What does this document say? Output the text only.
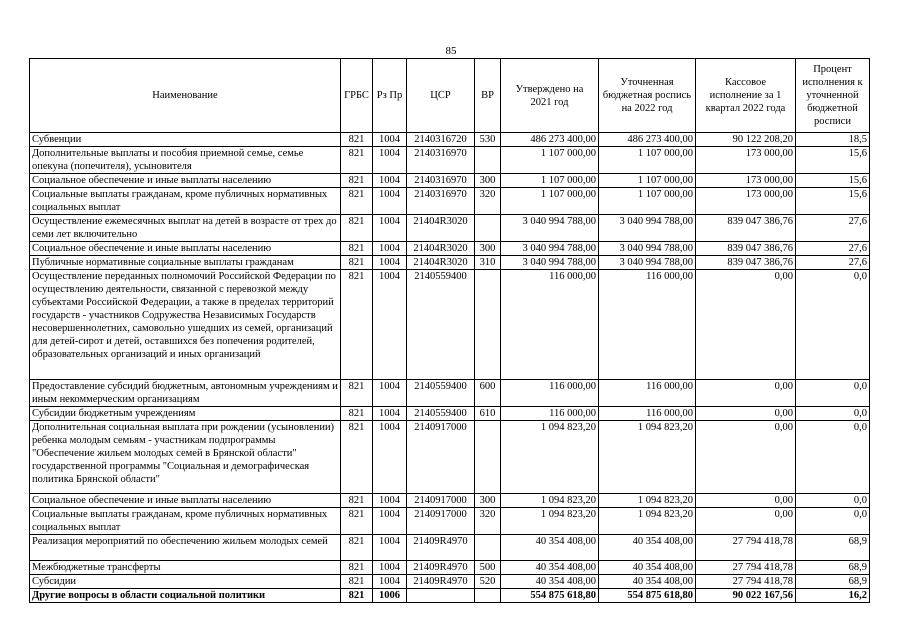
85
Наименование	ГРБС	Рз Пр	ЦСР	ВР	Утверждено на 2021 год	Уточненная бюджетная роспись на 2022 год	Кассовое исполнение за 1 квартал 2022 года	Процент исполнения к уточненной бюджетной росписи
Субвенции	821	1004	2140316720	530	486 273 400,00	486 273 400,00	90 122 208,20	18,5
Дополнительные выплаты и пособия приемной семье, семье опекуна (попечителя), усыновителя	821	1004	2140316970		1 107 000,00	1 107 000,00	173 000,00	15,6
Социальное обеспечение и иные выплаты населению	821	1004	2140316970	300	1 107 000,00	1 107 000,00	173 000,00	15,6
Социальные выплаты гражданам, кроме публичных нормативных социальных выплат	821	1004	2140316970	320	1 107 000,00	1 107 000,00	173 000,00	15,6
Осуществление ежемесячных выплат на детей в возрасте от трех до семи лет включительно	821	1004	21404R3020		3 040 994 788,00	3 040 994 788,00	839 047 386,76	27,6
Социальное обеспечение и иные выплаты населению	821	1004	21404R3020	300	3 040 994 788,00	3 040 994 788,00	839 047 386,76	27,6
Публичные нормативные социальные выплаты гражданам	821	1004	21404R3020	310	3 040 994 788,00	3 040 994 788,00	839 047 386,76	27,6
Осуществление переданных полномочий Российской Федерации по осуществлению деятельности, связанной с перевозкой между субъектами Российской Федерации, а также в пределах территорий государств - участников Содружества Независимых Государств несовершеннолетних, самовольно ушедших из семей, организаций для детей-сирот и детей, оставшихся без попечения родителей, образовательных организаций и иных организаций	821	1004	2140559400		116 000,00	116 000,00	0,00	0,0
Предоставление субсидий бюджетным, автономным учреждениям и иным некоммерческим организациям	821	1004	2140559400	600	116 000,00	116 000,00	0,00	0,0
Субсидии бюджетным учреждениям	821	1004	2140559400	610	116 000,00	116 000,00	0,00	0,0
Дополнительная социальная выплата при рождении (усыновлении) ребенка молодым семьям - участникам подпрограммы "Обеспечение жильем молодых семей в Брянской области" государственной программы "Социальная и демографическая политика Брянской области"	821	1004	2140917000		1 094 823,20	1 094 823,20	0,00	0,0
Социальное обеспечение и иные выплаты населению	821	1004	2140917000	300	1 094 823,20	1 094 823,20	0,00	0,0
Социальные выплаты гражданам, кроме публичных нормативных социальных выплат	821	1004	2140917000	320	1 094 823,20	1 094 823,20	0,00	0,0
Реализация мероприятий по обеспечению жильем молодых семей	821	1004	21409R4970		40 354 408,00	40 354 408,00	27 794 418,78	68,9
Межбюджетные трансферты	821	1004	21409R4970	500	40 354 408,00	40 354 408,00	27 794 418,78	68,9
Субсидии	821	1004	21409R4970	520	40 354 408,00	40 354 408,00	27 794 418,78	68,9
Другие вопросы в области социальной политики	821	1006			554 875 618,80	554 875 618,80	90 022 167,56	16,2
